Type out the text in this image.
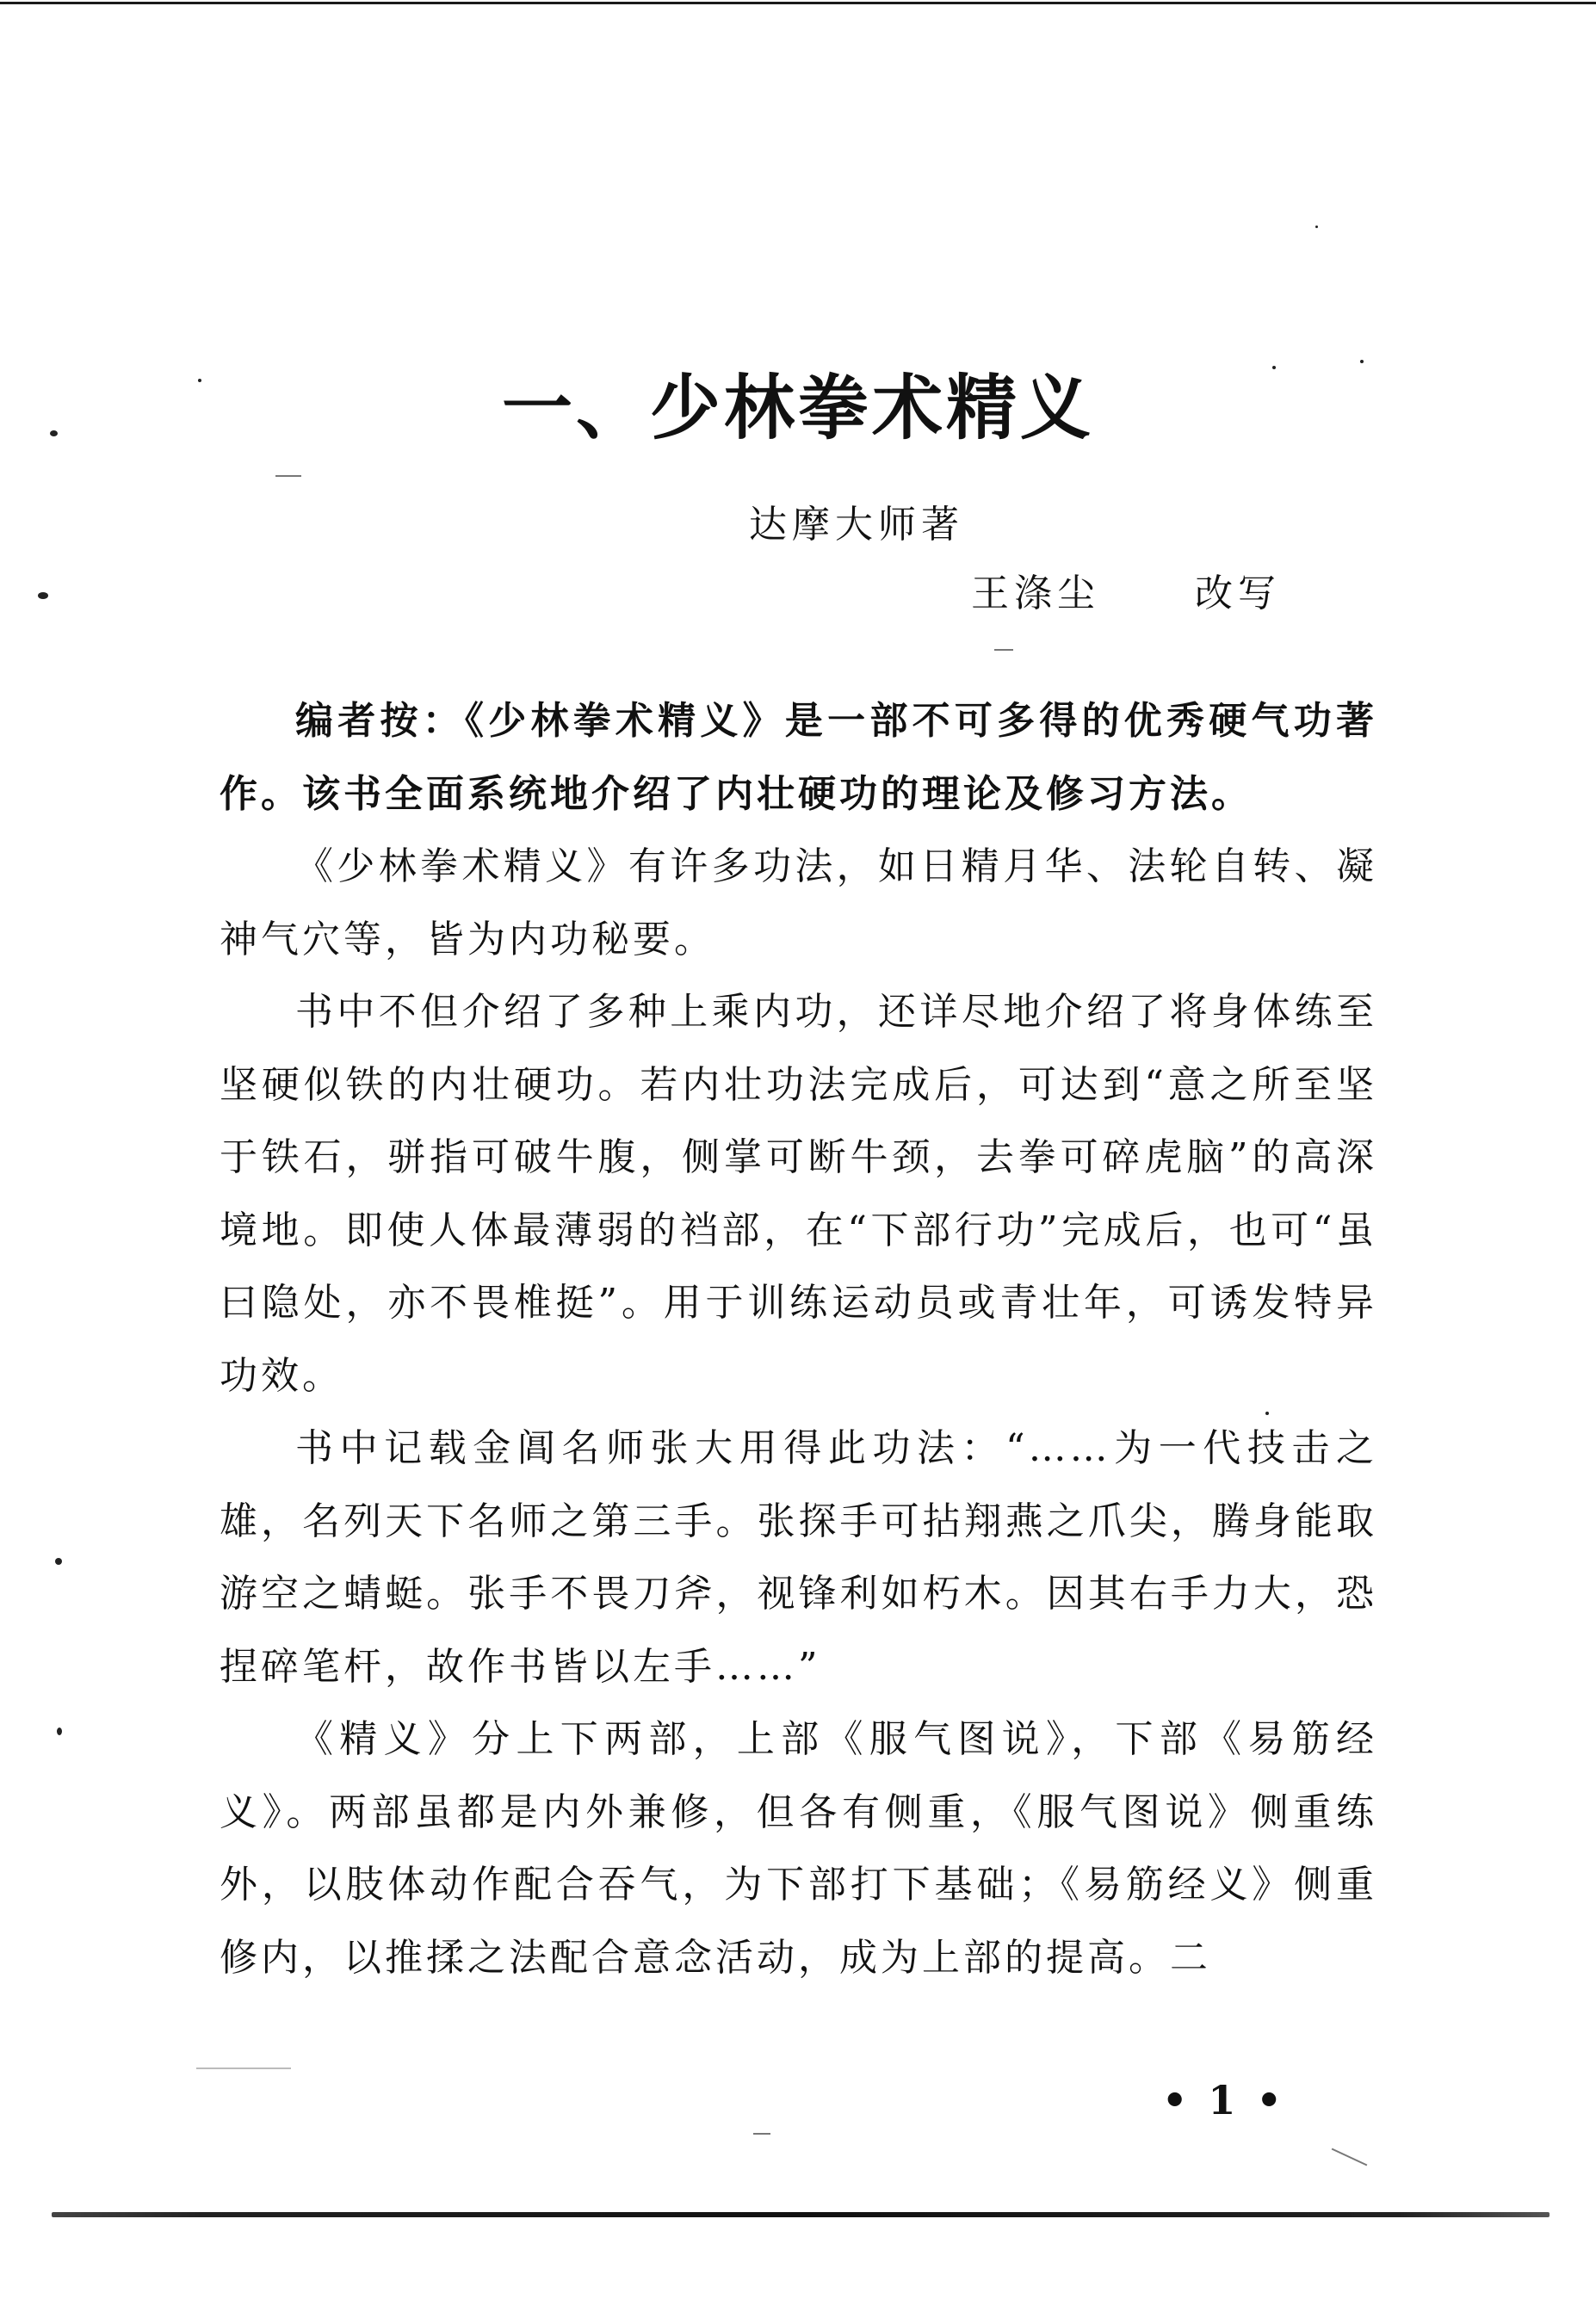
一、少林拳术精义
达摩大师著
王涤尘	改写

编者按：《少林拳术精义》是一部不可多得的优秀硬气功著作。该书全面系统地介绍了内壮硬功的理论及修习方法。

《少林拳术精义》有许多功法，如日精月华、法轮自转、凝神气穴等，皆为内功秘要。

书中不但介绍了多种上乘内功，还详尽地介绍了将身体练至坚硬似铁的内壮硬功。若内壮功法完成后，可达到“意之所至坚于铁石，骈指可破牛腹，侧掌可断牛颈，去拳可碎虎脑”的高深境地。即使人体最薄弱的裆部，在“下部行功”完成后，也可“虽曰隐处，亦不畏椎挺”。用于训练运动员或青壮年，可诱发特异功效。

书中记载金阊名师张大用得此功法：“……为一代技击之雄，名列天下名师之第三手。张探手可拈翔燕之爪尖，腾身能取游空之蜻蜓。张手不畏刀斧，视锋利如朽木。因其右手力大，恐捏碎笔杆，故作书皆以左手……”

《精义》分上下两部，上部《服气图说》，下部《易筋经义》。两部虽都是内外兼修，但各有侧重，《服气图说》侧重练外，以肢体动作配合吞气，为下部打下基础；《易筋经义》侧重修内，以推揉之法配合意念活动，成为上部的提高。二

• 1 •
